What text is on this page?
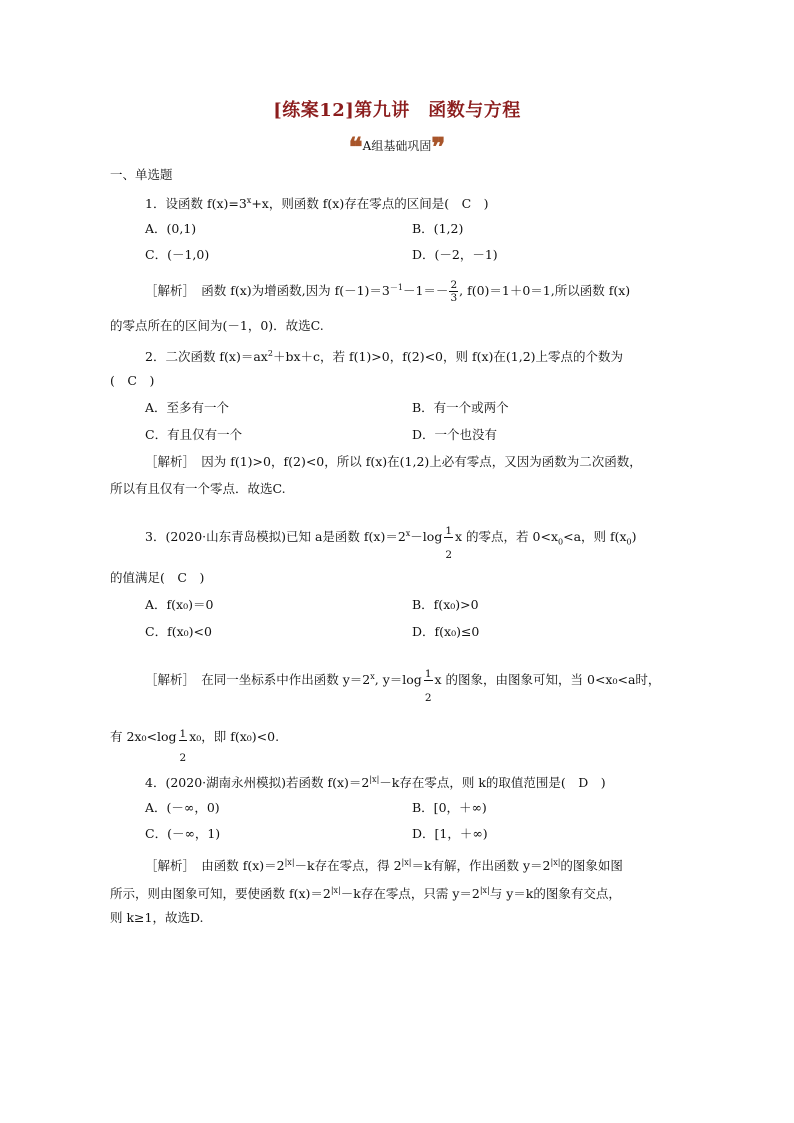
[练案12]第九讲　函数与方程
❝A组基础巩固❞
一、单选题
1．设函数 $f(x)=3^x+x$，则函数 f(x)存在零点的区间是(　C　)
A．(0,1)	B．(1,2)
C．(－1,0)	D．(－2，－1)
［解析］　函数 f(x)为增函数,因为 $f(-1)=3^{-1}-1=- \frac{2}{3}$ , f(0)＝1＋0＝1,所以函数 f(x)
的零点所在的区间为(－1，0)．故选C.
2．二次函数 $f(x)=ax^2+bx+c$，若 f(1)>0，f(2)<0，则 f(x)在(1,2)上零点的个数为
(　C　)
A．至多有一个	B．有一个或两个
C．有且仅有一个	D．一个也没有
［解析］　因为 f(1)>0，f(2)<0，所以 f(x)在(1,2)上必有零点，又因为函数为二次函数，
所以有且仅有一个零点．故选C.
3．(2020·山东青岛模拟)已知 a是函数 $f(x)=2^x-\log \frac{1}{2}$ x 的零点，若 $0<x_0<a$，则 $f(x_0)$
的值满足(　C　)
A．f(x₀)＝0	B．f(x₀)>0
C．f(x₀)<0	D．f(x₀)≤0
［解析］　在同一坐标系中作出函数 $y=2^x$, $y=\log \frac{1}{2}$ x 的图象，由图象可知，当 0<x₀<a时，
有 $2x_0<\log \frac{1}{2} x_0$，即 f(x₀)<0.
4．(2020·湖南永州模拟)若函数 $f(x)=2^{|x|}-k$存在零点，则 k的取值范围是(　D　)
A．(－∞，0)	B．[0，＋∞)
C．(－∞，1)	D．[1，＋∞)
［解析］　由函数 $f(x)=2^{|x|}-k$存在零点，得 $2^{|x|}=k$有解，作出函数 $y=2^{|x|}$的图象如图
所示，则由图象可知，要使函数 $f(x)=2^{|x|}-k$存在零点，只需 $y=2^{|x|}$与 y＝k的图象有交点，
则 k≥1，故选D.
